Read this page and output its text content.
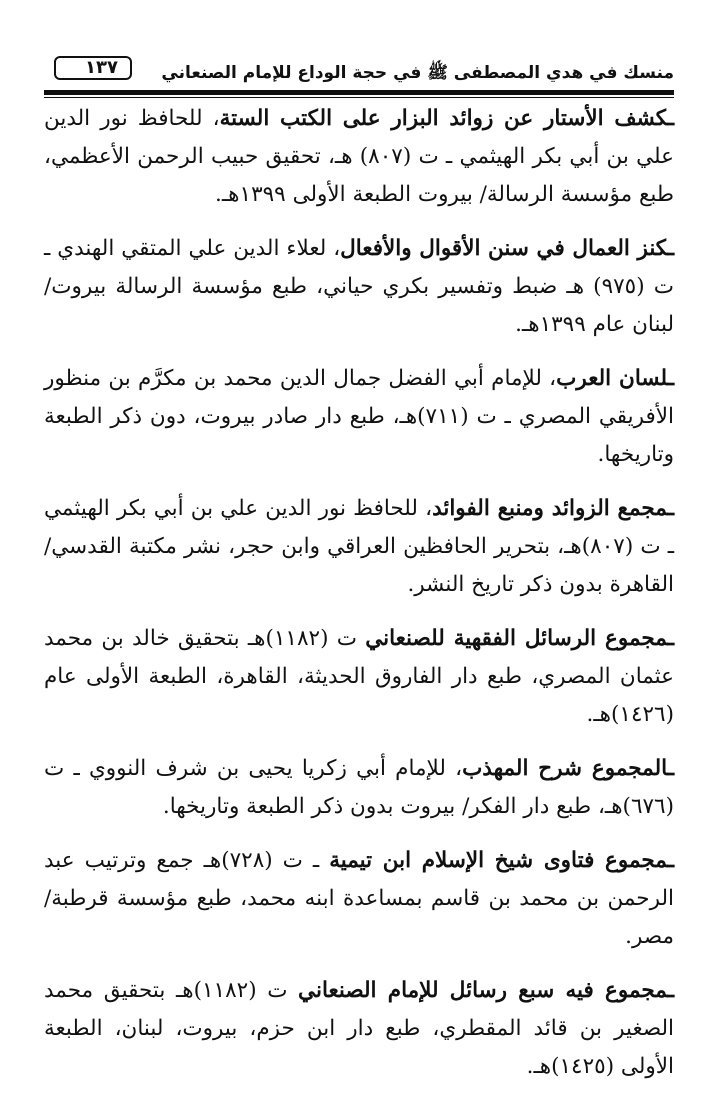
منسك في هدي المصطفى ﷺ في حجة الوداع للإمام الصنعاني
١٣٧

ـكشف الأستار عن زوائد البزار على الكتب الستة، للحافظ نور الدين علي بن أبي بكر الهيثمي ـ ت (٨٠٧) هـ، تحقيق حبيب الرحمن الأعظمي، طبع مؤسسة الرسالة/ بيروت الطبعة الأولى ١٣٩٩هـ.

ـكنز العمال في سنن الأقوال والأفعال، لعلاء الدين علي المتقي الهندي ـ ت (٩٧٥) هـ ضبط وتفسير بكري حياني، طبع مؤسسة الرسالة بيروت/ لبنان عام ١٣٩٩هـ.

ـلسان العرب، للإمام أبي الفضل جمال الدين محمد بن مكرَّم بن منظور الأفريقي المصري ـ ت (٧١١)هـ، طبع دار صادر بيروت، دون ذكر الطبعة وتاريخها.

ـمجمع الزوائد ومنبع الفوائد، للحافظ نور الدين علي بن أبي بكر الهيثمي ـ ت (٨٠٧)هـ، بتحرير الحافظين العراقي وابن حجر، نشر مكتبة القدسي/ القاهرة بدون ذكر تاريخ النشر.

ـمجموع الرسائل الفقهية للصنعاني ت (١١٨٢)هـ بتحقيق خالد بن محمد عثمان المصري، طبع دار الفاروق الحديثة، القاهرة، الطبعة الأولى عام (١٤٢٦)هـ.

ـالمجموع شرح المهذب، للإمام أبي زكريا يحيى بن شرف النووي ـ ت (٦٧٦)هـ، طبع دار الفكر/ بيروت بدون ذكر الطبعة وتاريخها.

ـمجموع فتاوى شيخ الإسلام ابن تيمية ـ ت (٧٢٨)هـ جمع وترتيب عبد الرحمن بن محمد بن قاسم بمساعدة ابنه محمد، طبع مؤسسة قرطبة/ مصر.

ـمجموع فيه سبع رسائل للإمام الصنعاني ت (١١٨٢)هـ بتحقيق محمد الصغير بن قائد المقطري، طبع دار ابن حزم، بيروت، لبنان، الطبعة الأولى (١٤٢٥)هـ.
